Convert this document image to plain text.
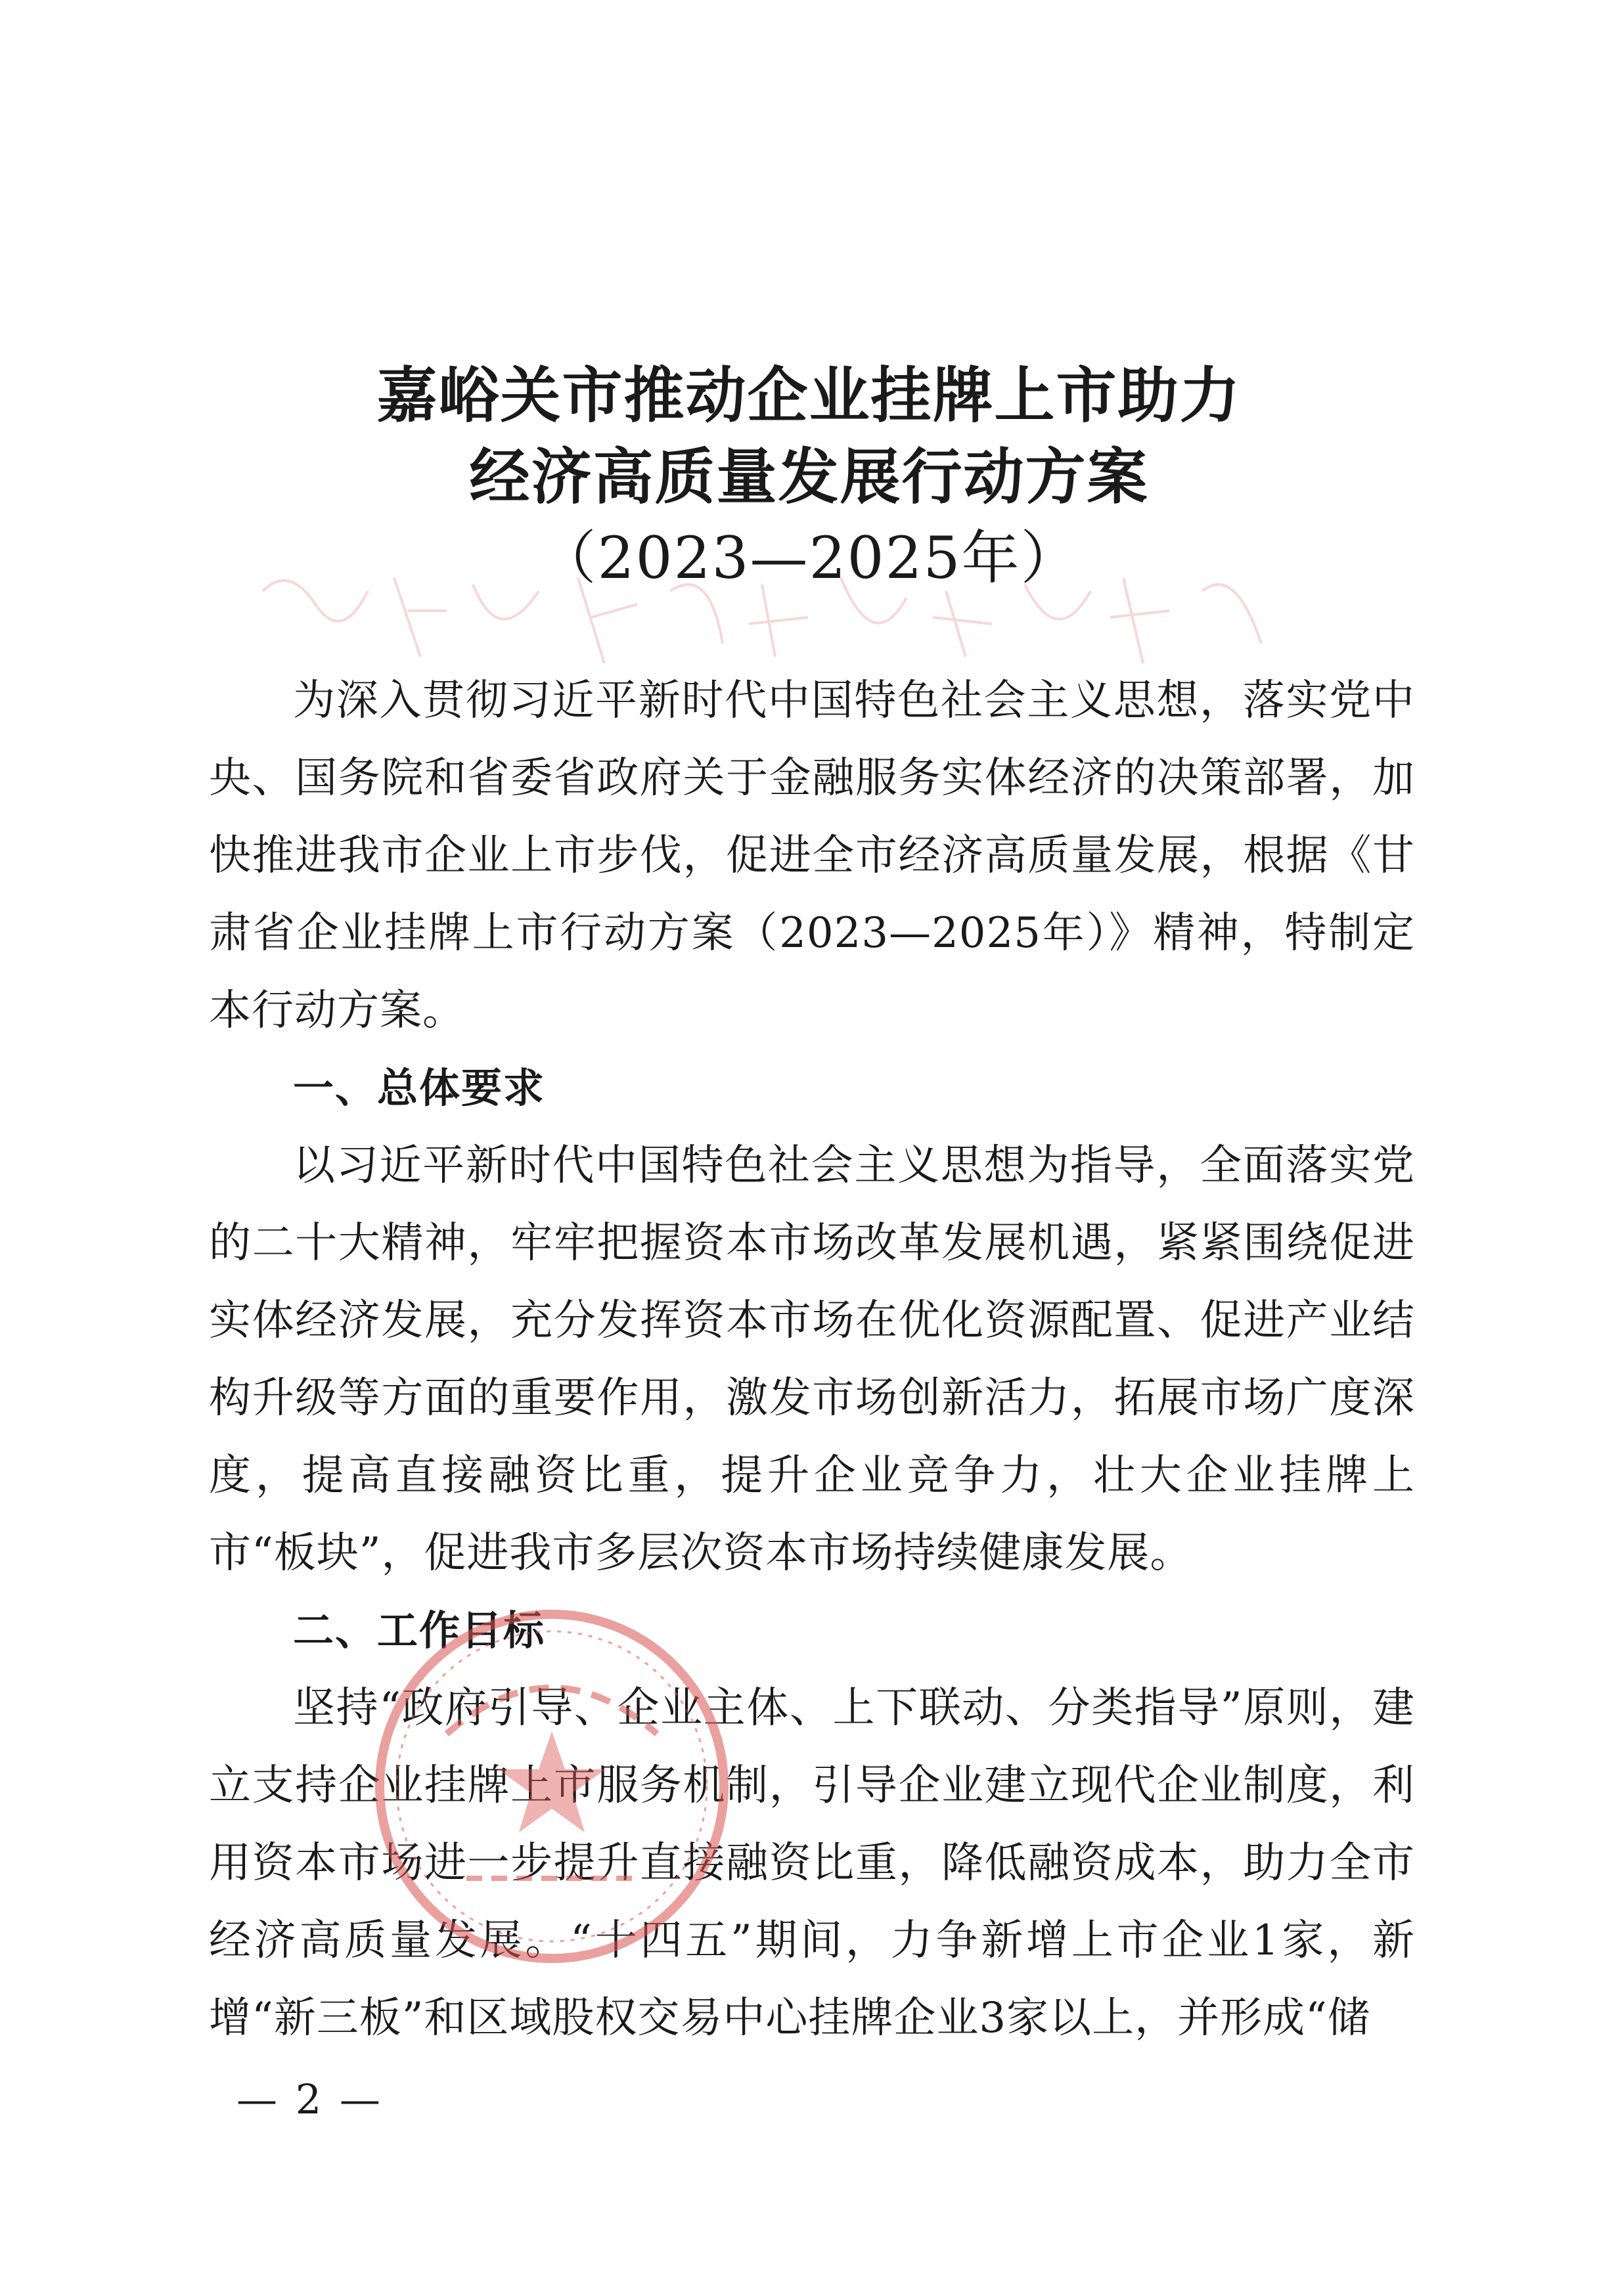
嘉峪关市推动企业挂牌上市助力
经济高质量发展行动方案
（2023—2025年）

为深入贯彻习近平新时代中国特色社会主义思想，落实党中央、国务院和省委省政府关于金融服务实体经济的决策部署，加快推进我市企业上市步伐，促进全市经济高质量发展，根据《甘肃省企业挂牌上市行动方案（2023—2025年）》精神，特制定本行动方案。

一、总体要求

以习近平新时代中国特色社会主义思想为指导，全面落实党的二十大精神，牢牢把握资本市场改革发展机遇，紧紧围绕促进实体经济发展，充分发挥资本市场在优化资源配置、促进产业结构升级等方面的重要作用，激发市场创新活力，拓展市场广度深度，提高直接融资比重，提升企业竞争力，壮大企业挂牌上市“板块”，促进我市多层次资本市场持续健康发展。

二、工作目标

坚持“政府引导、企业主体、上下联动、分类指导”原则，建立支持企业挂牌上市服务机制，引导企业建立现代企业制度，利用资本市场进一步提升直接融资比重，降低融资成本，助力全市经济高质量发展。“十四五”期间，力争新增上市企业1家，新增“新三板”和区域股权交易中心挂牌企业3家以上，并形成“储

— 2 —
